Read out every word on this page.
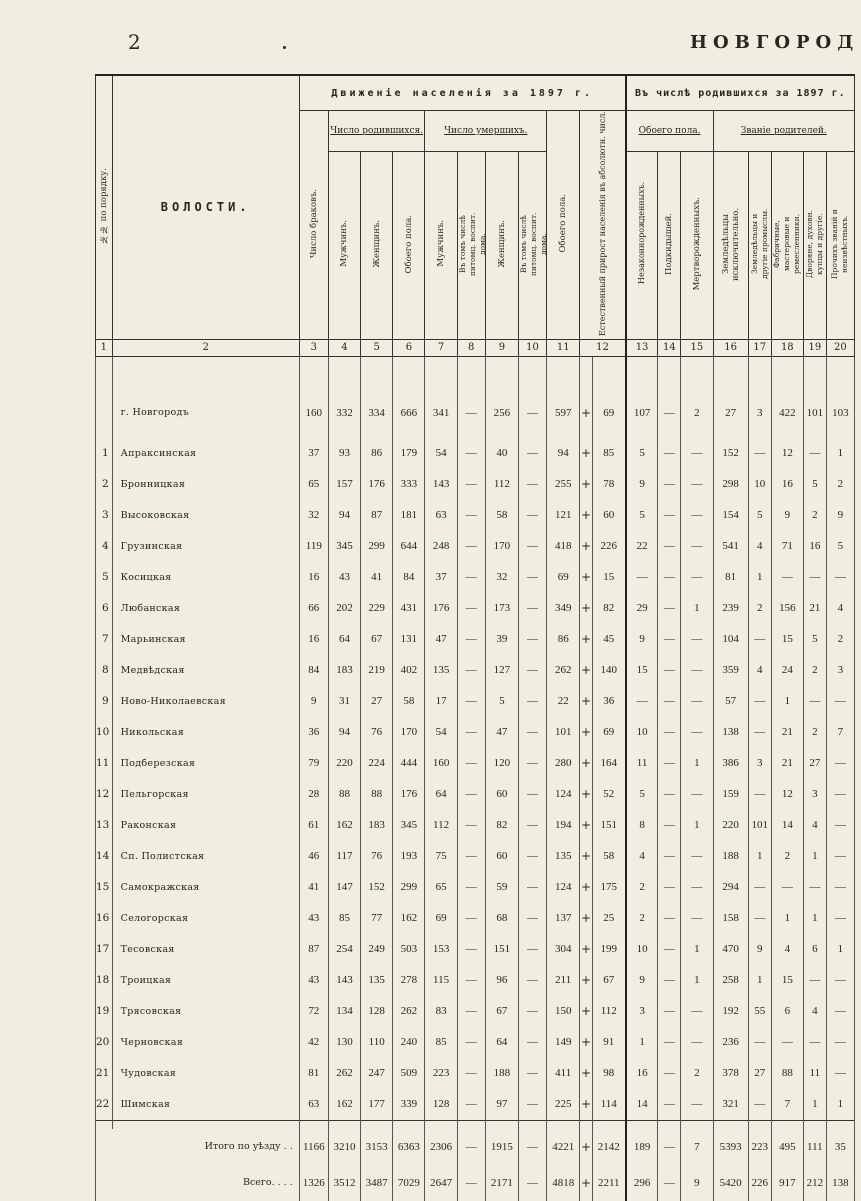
2	НОВГОРОД
№№ по порядку.	ВОЛОСТИ.	Движеніе населенія за 1897 г.											Въ числѣ родившихся за 1897 г.							
		Число браковъ.	Число родившихся.			Число умершихъ.				Обоего пола.	Естественный прирост населенія въ абсолютн. числ.		Обоего пола.			Званіе родителей.				
			Мужчинъ.	Женщинъ.	Обоего пола.	Мужчинъ.	Въ томъ числѣ питомц. воспит. дома.	Женщинъ.	Въ томъ числѣ питомц. воспит. дома.				Незаконнорожденныхъ.	Подкидышей.	Мертворожденныхъ.	Земледѣльцы исключительно.	Земледѣльцы и другіе промыслы.	Фабричные, мастеровые и ремесленники.	Дворяне, духовн. купцы и другіе.	Прочихъ званій и неизвѣстныхъ.
1	2	3	4	5	6	7	8	9	10	11	12		13	14	15	16	17	18	19	20

	г. Новгородъ	160	332	334	666	341	—	256	—	597	+	69	107	—	2	27	3	422	101	103
1	Апраксинская	37	93	86	179	54	—	40	—	94	+	85	5	—	—	152	—	12	—	1
2	Бронницкая	65	157	176	333	143	—	112	—	255	+	78	9	—	—	298	10	16	5	2
3	Высоковская	32	94	87	181	63	—	58	—	121	+	60	5	—	—	154	5	9	2	9
4	Грузинская	119	345	299	644	248	—	170	—	418	+	226	22	—	—	541	4	71	16	5
5	Косицкая	16	43	41	84	37	—	32	—	69	+	15	—	—	—	81	1	—	—	—
6	Любанская	66	202	229	431	176	—	173	—	349	+	82	29	—	1	239	2	156	21	4
7	Марьинская	16	64	67	131	47	—	39	—	86	+	45	9	—	—	104	—	15	5	2
8	Медвѣдская	84	183	219	402	135	—	127	—	262	+	140	15	—	—	359	4	24	2	3
9	Ново-Николаевская	9	31	27	58	17	—	5	—	22	+	36	—	—	—	57	—	1	—	—
10	Никольская	36	94	76	170	54	—	47	—	101	+	69	10	—	—	138	—	21	2	7
11	Подберезская	79	220	224	444	160	—	120	—	280	+	164	11	—	1	386	3	21	27	—
12	Пельгорская	28	88	88	176	64	—	60	—	124	+	52	5	—	—	159	—	12	3	—
13	Раконская	61	162	183	345	112	—	82	—	194	+	151	8	—	1	220	101	14	4	—
14	Сп. Полистская	46	117	76	193	75	—	60	—	135	+	58	4	—	—	188	1	2	1	—
15	Самокражская	41	147	152	299	65	—	59	—	124	+	175	2	—	—	294	—	—	—	—
16	Селогорская	43	85	77	162	69	—	68	—	137	+	25	2	—	—	158	—	1	1	—
17	Тесовская	87	254	249	503	153	—	151	—	304	+	199	10	—	1	470	9	4	6	1
18	Троицкая	43	143	135	278	115	—	96	—	211	+	67	9	—	1	258	1	15	—	—
19	Трясовская	72	134	128	262	83	—	67	—	150	+	112	3	—	—	192	55	6	4	—
20	Черновская	42	130	110	240	85	—	64	—	149	+	91	1	—	—	236	—	—	—	—
21	Чудовская	81	262	247	509	223	—	188	—	411	+	98	16	—	2	378	27	88	11	—
22	Шимская	63	162	177	339	128	—	97	—	225	+	114	14	—	—	321	—	7	1	1

Итого по уѣзду . .		1166	3210	3153	6363	2306	—	1915	—	4221	+	2142	189	—	7	5393	223	495	111	35
Всего. . . .		1326	3512	3487	7029	2647	—	2171	—	4818	+	2211	296	—	9	5420	226	917	212	138
